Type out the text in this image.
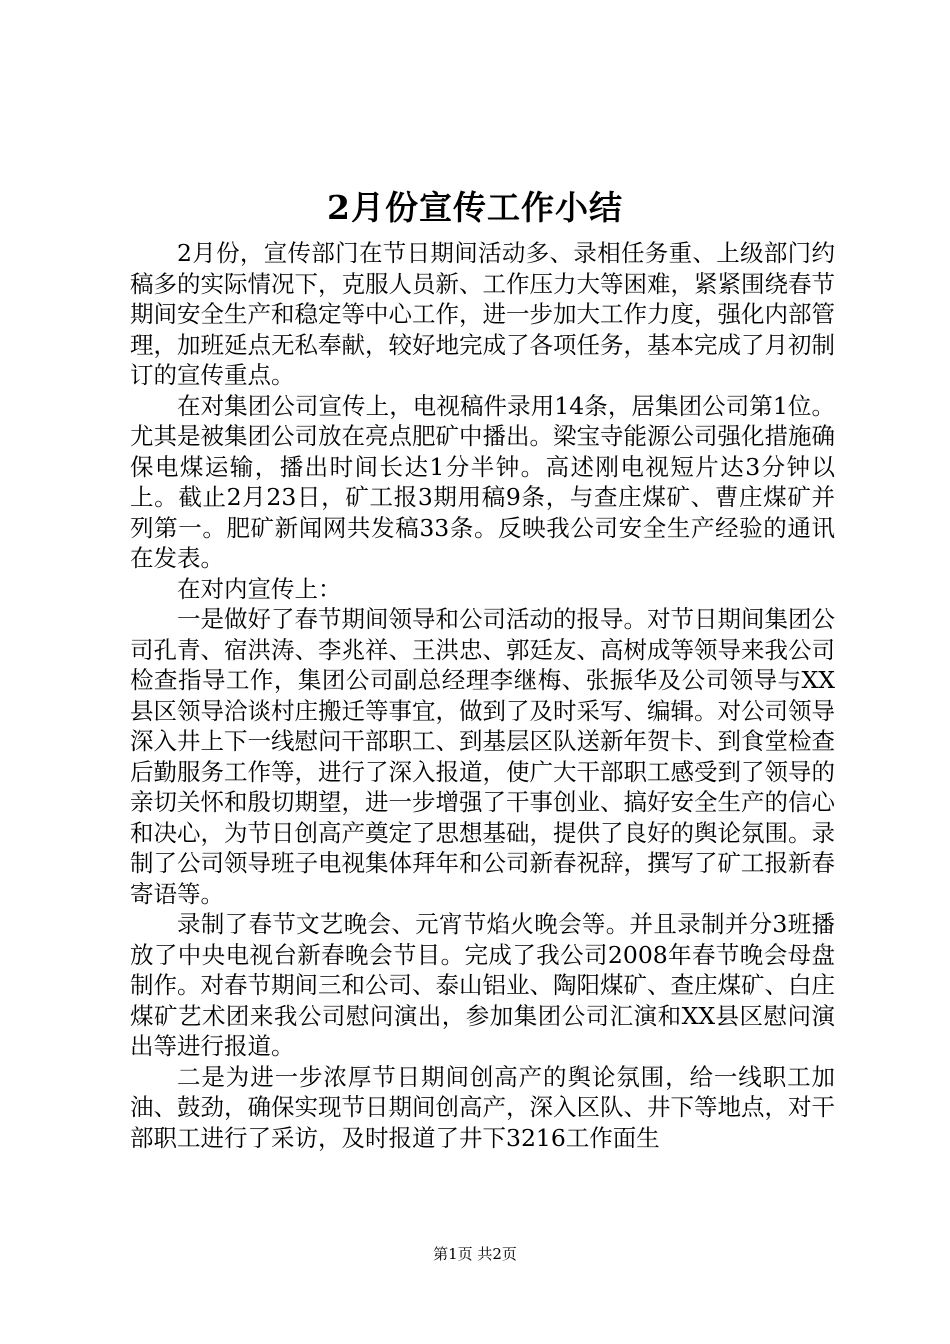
2月份宣传工作小结

2月份，宣传部门在节日期间活动多、录相任务重、上级部门约稿多的实际情况下，克服人员新、工作压力大等困难，紧紧围绕春节期间安全生产和稳定等中心工作，进一步加大工作力度，强化内部管理，加班延点无私奉献，较好地完成了各项任务，基本完成了月初制订的宣传重点。

在对集团公司宣传上，电视稿件录用14条，居集团公司第1位。尤其是被集团公司放在亮点肥矿中播出。梁宝寺能源公司强化措施确保电煤运输，播出时间长达1分半钟。高述刚电视短片达3分钟以上。截止2月23日，矿工报3期用稿9条，与查庄煤矿、曹庄煤矿并列第一。肥矿新闻网共发稿33条。反映我公司安全生产经验的通讯在发表。

在对内宣传上：

一是做好了春节期间领导和公司活动的报导。对节日期间集团公司孔青、宿洪涛、李兆祥、王洪忠、郭廷友、高树成等领导来我公司检查指导工作，集团公司副总经理李继梅、张振华及公司领导与XX县区领导洽谈村庄搬迁等事宜，做到了及时采写、编辑。对公司领导深入井上下一线慰问干部职工、到基层区队送新年贺卡、到食堂检查后勤服务工作等，进行了深入报道，使广大干部职工感受到了领导的亲切关怀和殷切期望，进一步增强了干事创业、搞好安全生产的信心和决心，为节日创高产奠定了思想基础，提供了良好的舆论氛围。录制了公司领导班子电视集体拜年和公司新春祝辞，撰写了矿工报新春寄语等。

录制了春节文艺晚会、元宵节焰火晚会等。并且录制并分3班播放了中央电视台新春晚会节目。完成了我公司2008年春节晚会母盘制作。对春节期间三和公司、泰山铝业、陶阳煤矿、查庄煤矿、白庄煤矿艺术团来我公司慰问演出，参加集团公司汇演和XX县区慰问演出等进行报道。

二是为进一步浓厚节日期间创高产的舆论氛围，给一线职工加油、鼓劲，确保实现节日期间创高产，深入区队、井下等地点，对干部职工进行了采访，及时报道了井下3216工作面生

第1页 共2页
